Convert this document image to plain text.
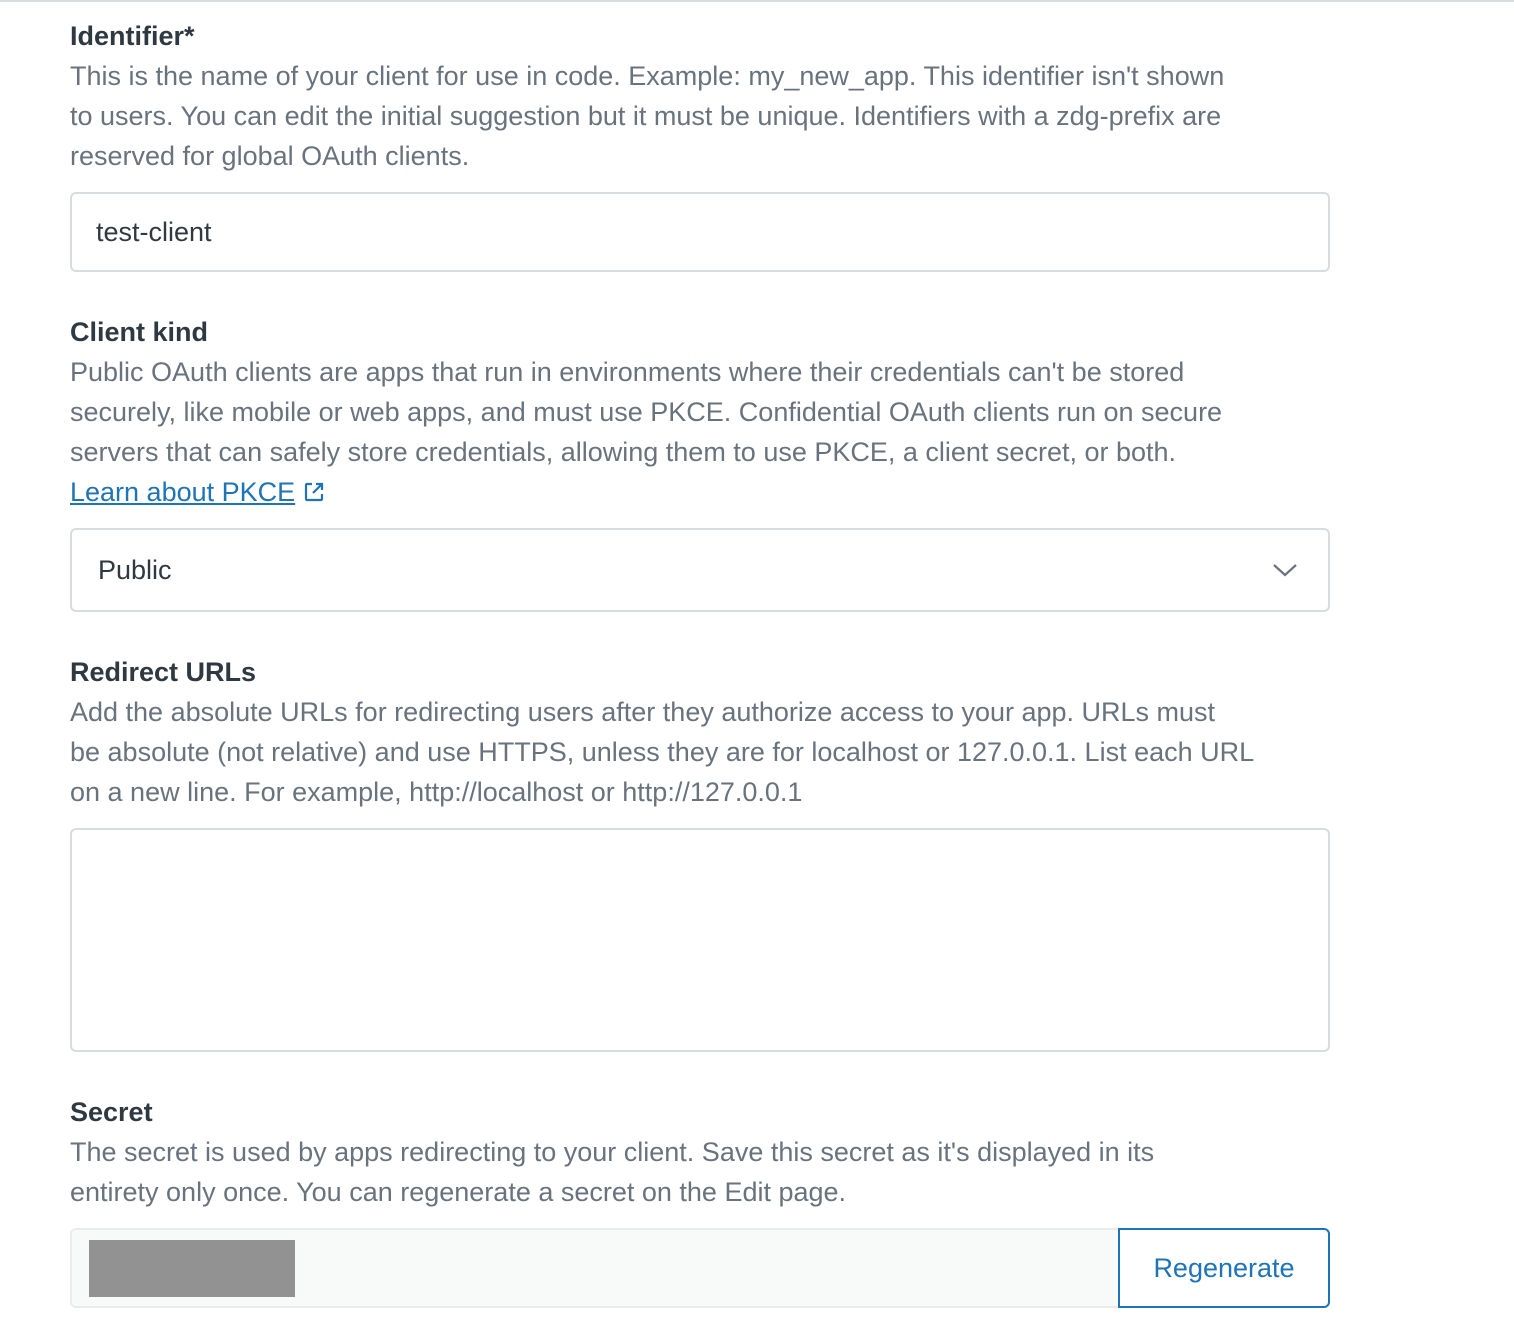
Identifier*

This is the name of your client for use in code. Example: my_new_app. This identifier isn't shown

to users. You can edit the initial suggestion but it must be unique. Identifiers with a zdg-prefix are

reserved for global OAuth clients.

test-client

Client kind

Public OAuth clients are apps that run in environments where their credentials can't be stored

securely, like mobile or web apps, and must use PKCE. Confidential OAuth clients run on secure

servers that can safely store credentials, allowing them to use PKCE, a client secret, or both.

Learn about PKCE
Public

Redirect URLs

Add the absolute URLs for redirecting users after they authorize access to your app. URLs must

be absolute (not relative) and use HTTPS, unless they are for localhost or 127.0.0.1. List each URL

on a new line. For example, http://localhost or http://127.0.0.1

Secret

The secret is used by apps redirecting to your client. Save this secret as it's displayed in its

entirety only once. You can regenerate a secret on the Edit page.

Regenerate
